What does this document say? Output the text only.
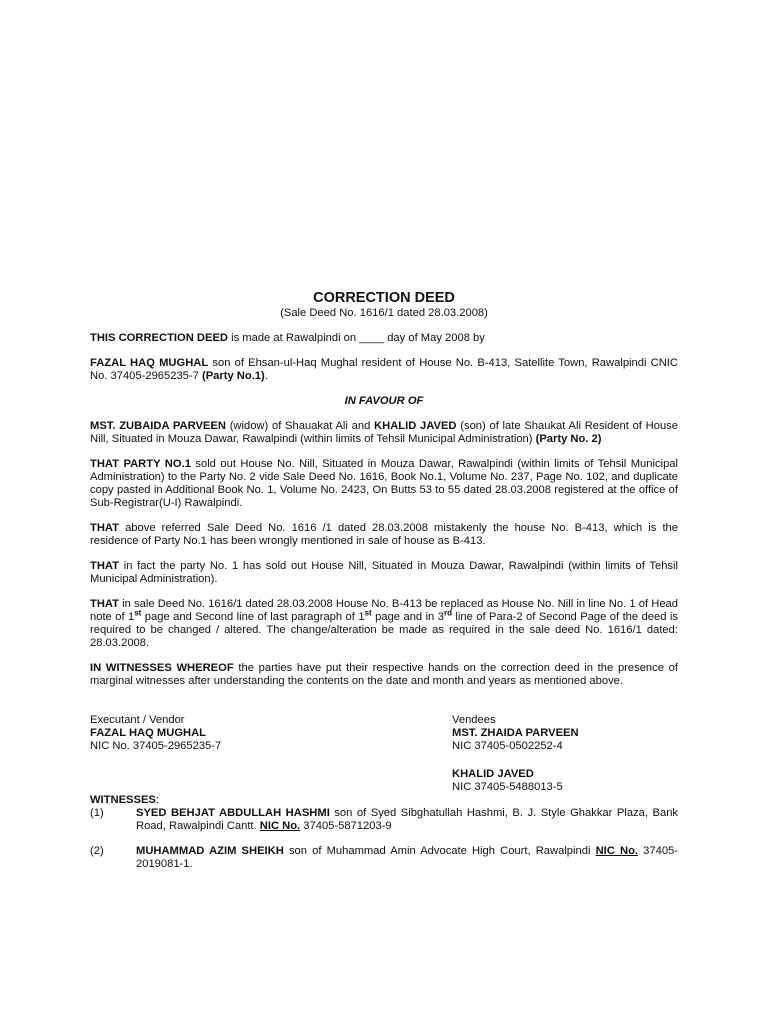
CORRECTION DEED

(Sale Deed No. 1616/1 dated 28.03.2008)

THIS CORRECTION DEED is made at Rawalpindi on ____ day of May 2008 by

FAZAL HAQ MUGHAL son of Ehsan-ul-Haq Mughal resident of House No. B-413, Satellite Town, Rawalpindi CNIC No. 37405-2965235-7 (Party No.1).

IN FAVOUR OF

MST. ZUBAIDA PARVEEN (widow) of Shauakat Ali and KHALID JAVED (son) of late Shaukat Ali Resident of House Nill, Situated in Mouza Dawar, Rawalpindi (within limits of Tehsil Municipal Administration) (Party No. 2)

THAT PARTY NO.1 sold out House No. Nill, Situated in Mouza Dawar, Rawalpindi (within limits of Tehsil Municipal Administration) to the Party No. 2 vide Sale Deed No. 1616, Book No.1, Volume No. 237, Page No. 102, and duplicate copy pasted in Additional Book No. 1, Volume No. 2423, On Butts 53 to 55 dated 28.03.2008 registered at the office of Sub-Registrar(U-I) Rawalpindi.

THAT above referred Sale Deed No. 1616 /1 dated 28.03.2008 mistakenly the house No. B-413, which is the residence of Party No.1 has been wrongly mentioned in sale of house as B-413.

THAT in fact the party No. 1 has sold out House Nill, Situated in Mouza Dawar, Rawalpindi (within limits of Tehsil Municipal Administration).

THAT in sale Deed No. 1616/1 dated 28.03.2008 House No. B-413 be replaced as House No. Nill in line No. 1 of Head note of 1st page and Second line of last paragraph of 1st page and in 3rd line of Para-2 of Second Page of the deed is required to be changed / altered. The change/alteration be made as required in the sale deed No. 1616/1 dated: 28.03.2008.

IN WITNESSES WHEREOF the parties have put their respective hands on the correction deed in the presence of marginal witnesses after understanding the contents on the date and month and years as mentioned above.

Executant / Vendor
FAZAL HAQ MUGHAL
NIC No. 37405-2965235-7
Vendees
MST. ZHAIDA PARVEEN
NIC 37405-0502252-4
KHALID JAVED
NIC 37405-5488013-5
WITNESSES:
(1)	SYED BEHJAT ABDULLAH HASHMI son of Syed Sibghatullah Hashmi, B. J. Style Ghakkar Plaza, Bank Road, Rawalpindi Cantt. NIC No. 37405-5871203-9
(2)	MUHAMMAD AZIM SHEIKH son of Muhammad Amin Advocate High Court, Rawalpindi NIC No. 37405-2019081-1.
